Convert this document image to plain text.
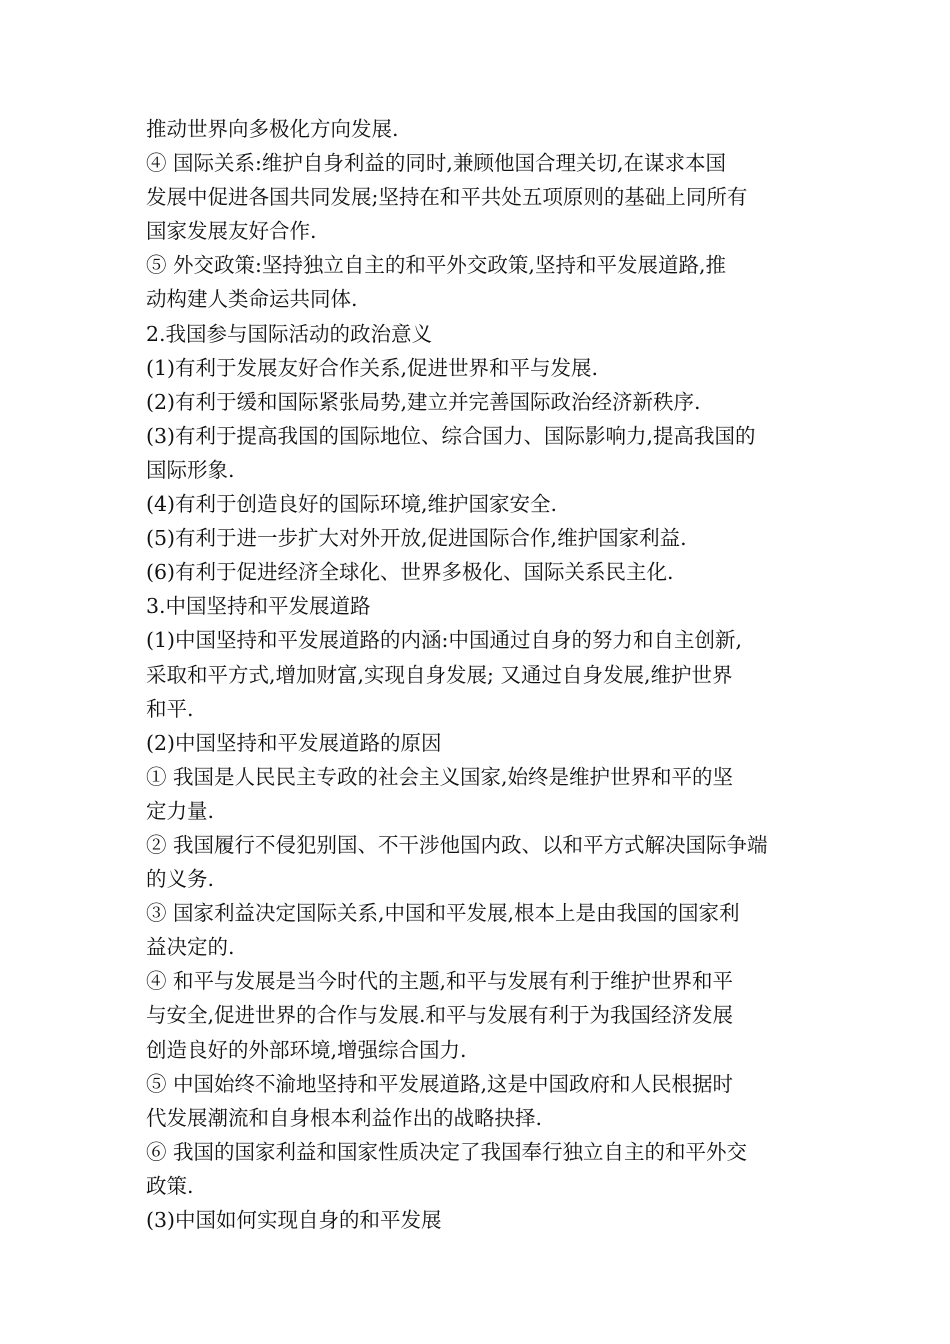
推动世界向多极化方向发展.
④ 国际关系:维护自身利益的同时,兼顾他国合理关切,在谋求本国
发展中促进各国共同发展;坚持在和平共处五项原则的基础上同所有
国家发展友好合作.
⑤ 外交政策:坚持独立自主的和平外交政策,坚持和平发展道路,推
动构建人类命运共同体.
2.我国参与国际活动的政治意义
(1)有利于发展友好合作关系,促进世界和平与发展.
(2)有利于缓和国际紧张局势,建立并完善国际政治经济新秩序.
(3)有利于提高我国的国际地位、综合国力、国际影响力,提高我国的
国际形象.
(4)有利于创造良好的国际环境,维护国家安全.
(5)有利于进一步扩大对外开放,促进国际合作,维护国家利益.
(6)有利于促进经济全球化、世界多极化、国际关系民主化.
3.中国坚持和平发展道路
(1)中国坚持和平发展道路的内涵:中国通过自身的努力和自主创新,
采取和平方式,增加财富,实现自身发展; 又通过自身发展,维护世界
和平.
(2)中国坚持和平发展道路的原因
① 我国是人民民主专政的社会主义国家,始终是维护世界和平的坚
定力量.
② 我国履行不侵犯别国、不干涉他国内政、以和平方式解决国际争端
的义务.
③ 国家利益决定国际关系,中国和平发展,根本上是由我国的国家利
益决定的.
④ 和平与发展是当今时代的主题,和平与发展有利于维护世界和平
与安全,促进世界的合作与发展.和平与发展有利于为我国经济发展
创造良好的外部环境,增强综合国力.
⑤ 中国始终不渝地坚持和平发展道路,这是中国政府和人民根据时
代发展潮流和自身根本利益作出的战略抉择.
⑥ 我国的国家利益和国家性质决定了我国奉行独立自主的和平外交
政策.
(3)中国如何实现自身的和平发展
